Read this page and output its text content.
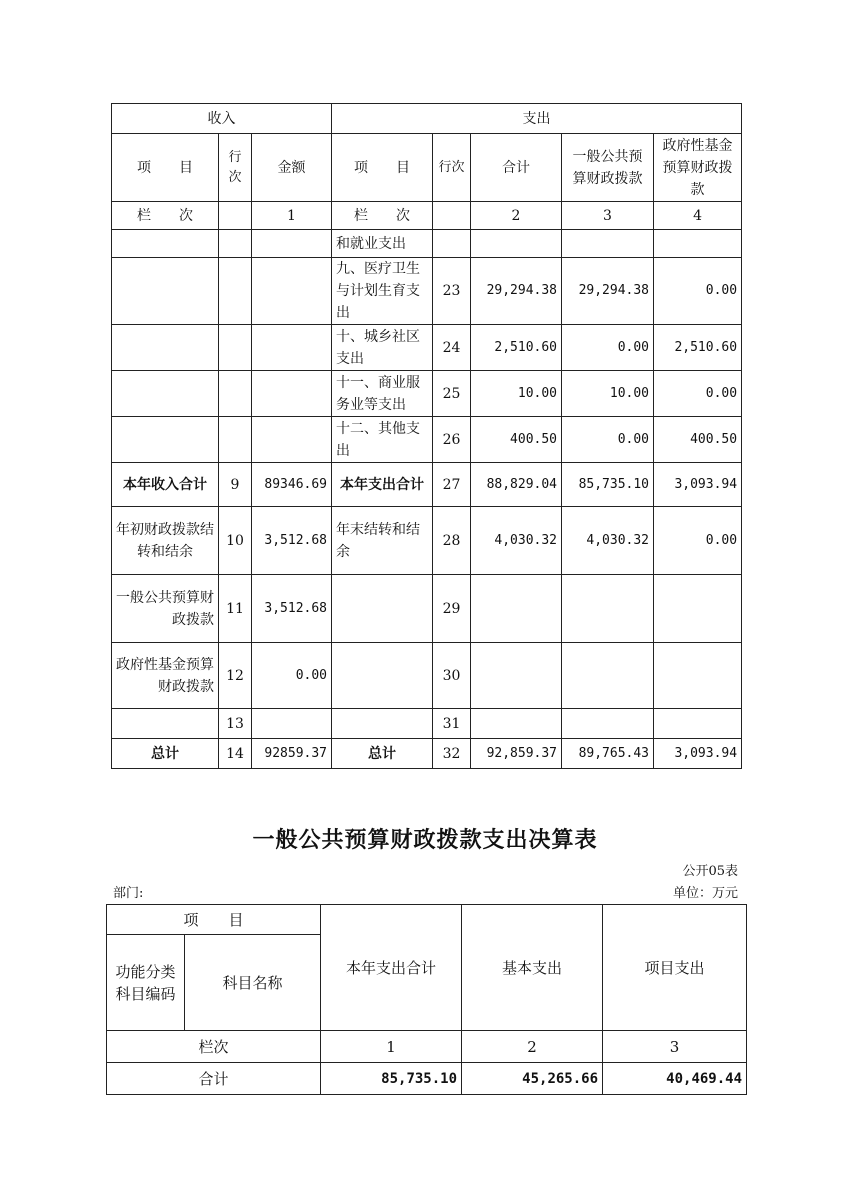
收入			支出				
项　　目	行次	金额	项　　目	行次	合计	一般公共预算财政拨款	政府性基金预算财政拨款
栏　　次		1	栏　　次		2	3	4
			和就业支出				
			九、医疗卫生与计划生育支出	23	29,294.38	29,294.38	0.00
			十、城乡社区支出	24	2,510.60	0.00	2,510.60
			十一、商业服务业等支出	25	10.00	10.00	0.00
			十二、其他支出	26	400.50	0.00	400.50
本年收入合计	9	89346.69	本年支出合计	27	88,829.04	85,735.10	3,093.94
年初财政拨款结转和结余	10	3,512.68	年末结转和结余	28	4,030.32	4,030.32	0.00
一般公共预算财政拨款	11	3,512.68		29			
政府性基金预算财政拨款	12	0.00		30			
	13			31			
总计	14	92859.37	总计	32	92,859.37	89,765.43	3,093.94
一般公共预算财政拨款支出决算表
公开05表
部门:	单位：万元
项　　目		本年支出合计	基本支出	项目支出
功能分类科目编码	科目名称			
栏次		1	2	3
合计		85,735.10	45,265.66	40,469.44
